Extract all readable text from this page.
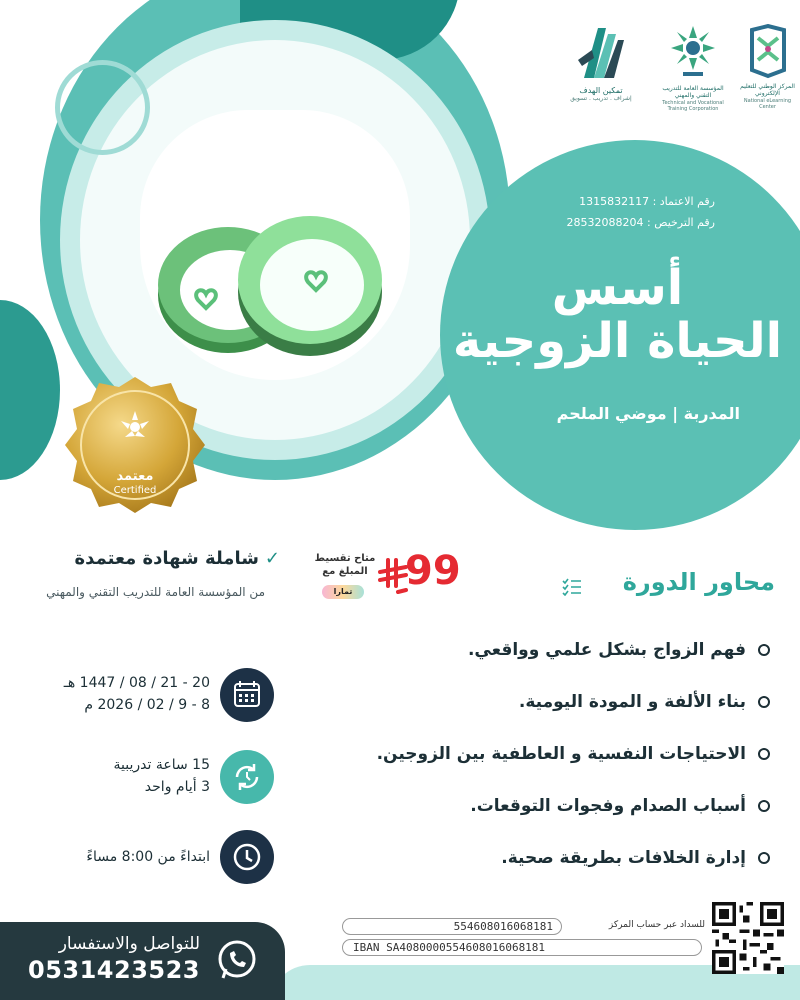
تمكين الهدف
إشراف . تدريب . تسويق
المؤسسة العامة للتدريب التقني والمهني
Technical and Vocational Training Corporation
المركز الوطني للتعليم الإلكتروني
National eLearning Center
معتمد
Certified
رقم الاعتماد : 1315832117
رقم الترخيص : 28532088204
أسس
الحياة الزوجية
المدربة | موضي الملحم
محاور الدورة
99
متاح تقسيط المبلغ مع
تمارا
فهم الزواج بشكل علمي وواقعي.
بناء الألفة و المودة اليومية.
الاحتياجات النفسية و العاطفية بين الزوجين.
أسباب الصدام وفجوات التوقعات.
إدارة الخلافات بطريقة صحية.
✓شاملة شهادة معتمدة
من المؤسسة العامة للتدريب التقني والمهني
20 - 21 / 08 / 1447 هـ
8 - 9 / 02 / 2026 م
15 ساعة تدريبية
3 أيام واحد
ابتداءً من 8:00 مساءً
للتواصل والاستفسار
0531423523
للسداد عبر حساب المركز
554608016068181
IBAN SA4080000554608016068181
